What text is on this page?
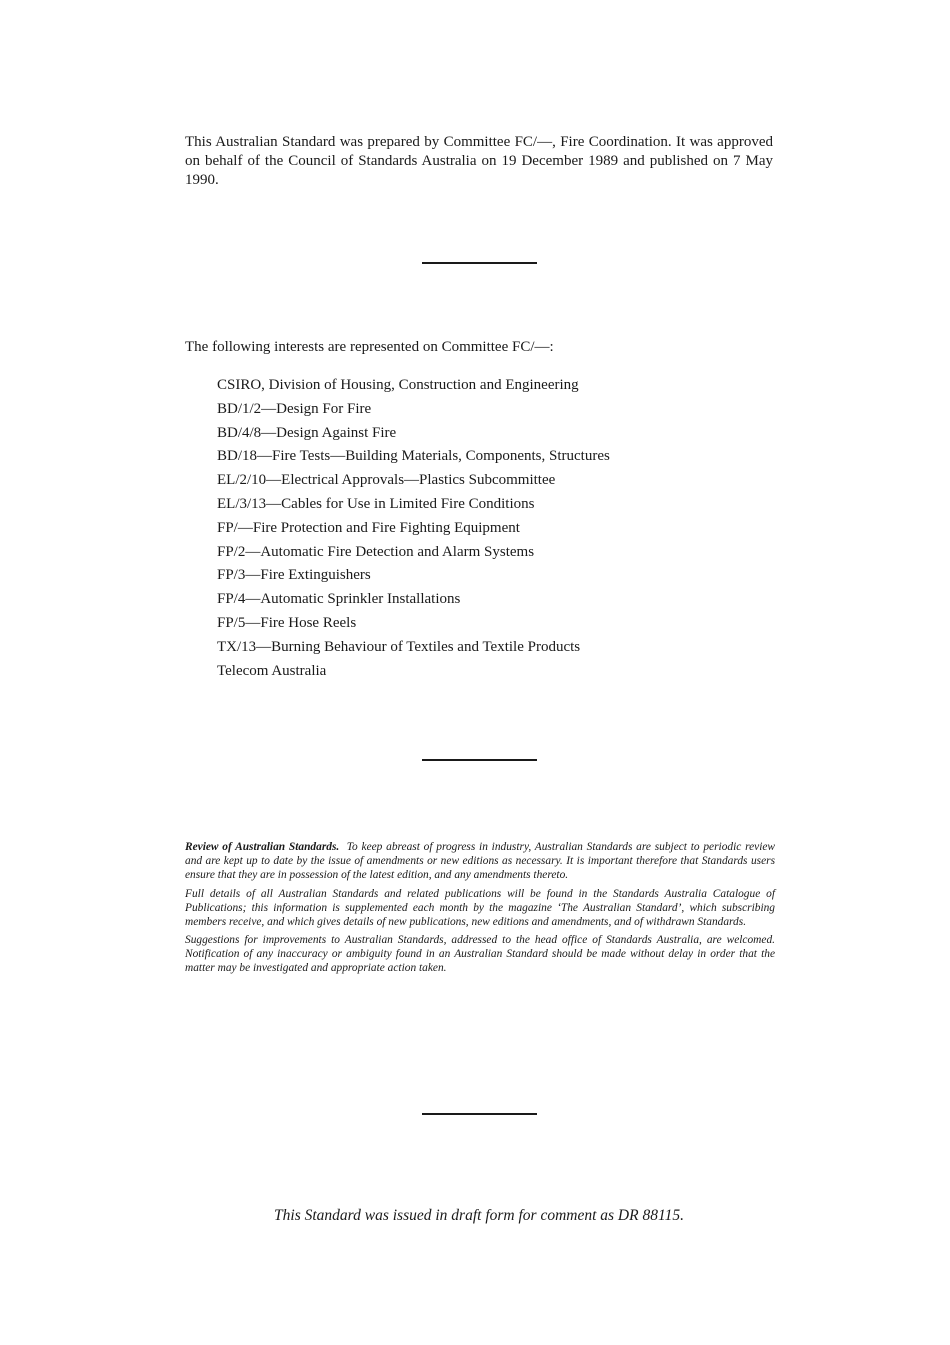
This Australian Standard was prepared by Committee FC/—, Fire Coordination. It was approved on behalf of the Council of Standards Australia on 19 December 1989 and published on 7 May 1990.

The following interests are represented on Committee FC/—:

CSIRO, Division of Housing, Construction and Engineering
BD/1/2—Design For Fire
BD/4/8—Design Against Fire
BD/18—Fire Tests—Building Materials, Components, Structures
EL/2/10—Electrical Approvals—Plastics Subcommittee
EL/3/13—Cables for Use in Limited Fire Conditions
FP/—Fire Protection and Fire Fighting Equipment
FP/2—Automatic Fire Detection and Alarm Systems
FP/3—Fire Extinguishers
FP/4—Automatic Sprinkler Installations
FP/5—Fire Hose Reels
TX/13—Burning Behaviour of Textiles and Textile Products
Telecom Australia

Review of Australian Standards. To keep abreast of progress in industry, Australian Standards are subject to periodic review and are kept up to date by the issue of amendments or new editions as necessary. It is important therefore that Standards users ensure that they are in possession of the latest edition, and any amendments thereto.

Full details of all Australian Standards and related publications will be found in the Standards Australia Catalogue of Publications; this information is supplemented each month by the magazine ‘The Australian Standard’, which subscribing members receive, and which gives details of new publications, new editions and amendments, and of withdrawn Standards.

Suggestions for improvements to Australian Standards, addressed to the head office of Standards Australia, are welcomed. Notification of any inaccuracy or ambiguity found in an Australian Standard should be made without delay in order that the matter may be investigated and appropriate action taken.

This Standard was issued in draft form for comment as DR 88115.
